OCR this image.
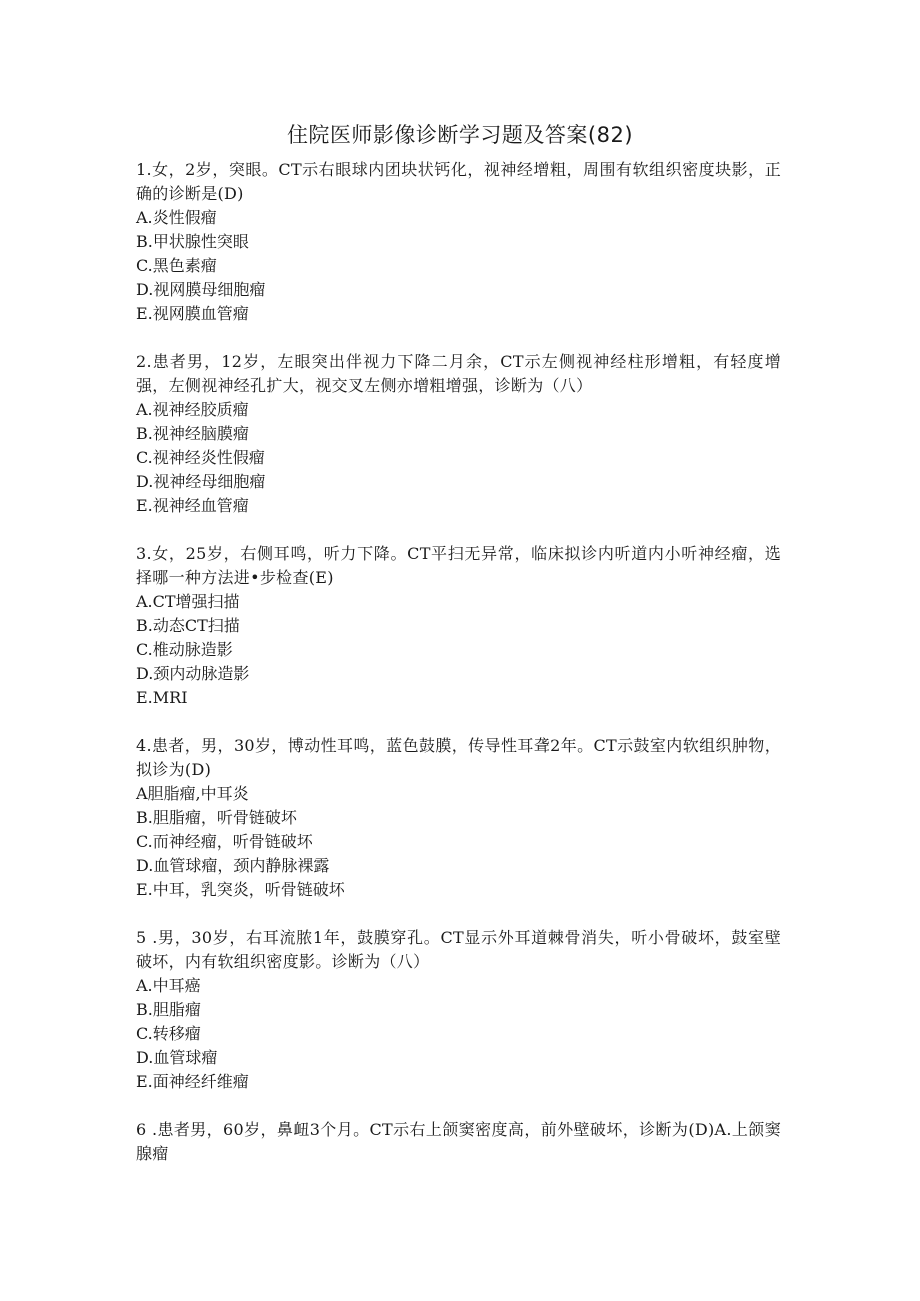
住院医师影像诊断学习题及答案(82)

1.女，2岁，突眼。CT示右眼球内团块状钙化，视神经增粗，周围有软组织密度块影，正确的诊断是(D)

A.炎性假瘤

B.甲状腺性突眼

C.黑色素瘤

D.视网膜母细胞瘤

E.视网膜血管瘤

2.患者男，12岁，左眼突出伴视力下降二月余，CT示左侧视神经柱形增粗，有轻度增强，左侧视神经孔扩大，视交叉左侧亦增粗增强，诊断为（八）

A.视神经胶质瘤

B.视神经脑膜瘤

C.视神经炎性假瘤

D.视神经母细胞瘤

E.视神经血管瘤

3.女，25岁，右侧耳鸣，听力下降。CT平扫无异常，临床拟诊内听道内小听神经瘤，选择哪一种方法进•步检查(E)

A.CT增强扫描

B.动态CT扫描

C.椎动脉造影

D.颈内动脉造影

E.MRI

4.患者，男，30岁，博动性耳鸣，蓝色鼓膜，传导性耳聋2年。CT示鼓室内软组织肿物，拟诊为(D)

A胆脂瘤,中耳炎

B.胆脂瘤，听骨链破坏

C.而神经瘤，听骨链破坏

D.血管球瘤，颈内静脉裸露

E.中耳，乳突炎，听骨链破坏

5 .男，30岁，右耳流脓1年，鼓膜穿孔。CT显示外耳道棘骨消失，听小骨破坏，鼓室壁破坏，内有软组织密度影。诊断为（八）

A.中耳癌

B.胆脂瘤

C.转移瘤

D.血管球瘤

E.面神经纤维瘤

6 .患者男，60岁，鼻衄3个月。CT示右上颌窦密度高，前外壁破坏，诊断为(D)A.上颌窦腺瘤
